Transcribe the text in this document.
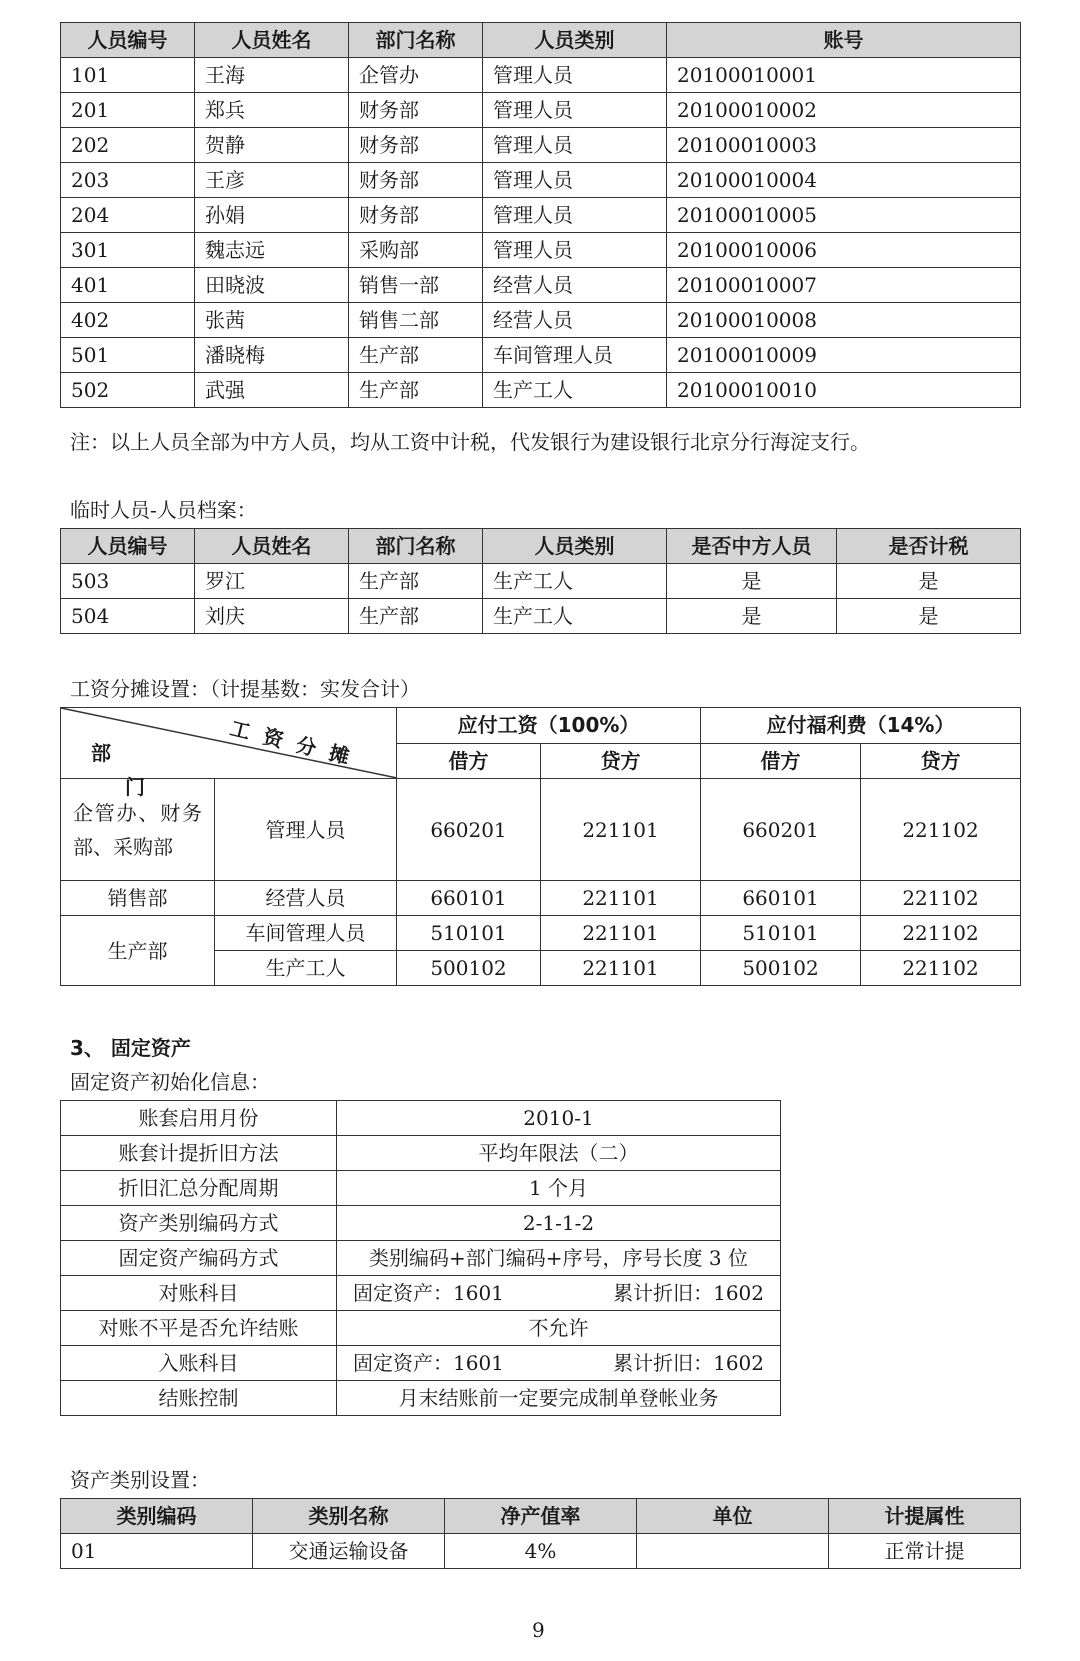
人员编号	人员姓名	部门名称	人员类别	账号
101	王海	企管办	管理人员	20100010001
201	郑兵	财务部	管理人员	20100010002
202	贺静	财务部	管理人员	20100010003
203	王彦	财务部	管理人员	20100010004
204	孙娟	财务部	管理人员	20100010005
301	魏志远	采购部	管理人员	20100010006
401	田晓波	销售一部	经营人员	20100010007
402	张茜	销售二部	经营人员	20100010008
501	潘晓梅	生产部	车间管理人员	20100010009
502	武强	生产部	生产工人	20100010010
注：以上人员全部为中方人员，均从工资中计税，代发银行为建设银行北京分行海淀支行。
临时人员-人员档案：
人员编号	人员姓名	部门名称	人员类别	是否中方人员	是否计税
503	罗江	生产部	生产工人	是	是
504	刘庆	生产部	生产工人	是	是
工资分摊设置：（计提基数：实发合计）
工资分摊
部
门		应付工资（100%）		应付福利费（14%）	
		借方	贷方	借方	贷方
企管办、财务部、采购部	管理人员	660201	221101	660201	221102
销售部	经营人员	660101	221101	660101	221102
生产部	车间管理人员	510101	221101	510101	221102
	生产工人	500102	221101	500102	221102
3、 固定资产
固定资产初始化信息：
账套启用月份	2010-1
账套计提折旧方法	平均年限法（二）
折旧汇总分配周期	1 个月
资产类别编码方式	2-1-1-2
固定资产编码方式	类别编码+部门编码+序号，序号长度 3 位
对账科目	固定资产：1601 累计折旧：1602

对账不平是否允许结账	不允许
入账科目	固定资产：1601 累计折旧：1602

结账控制	月末结账前一定要完成制单登帐业务
资产类别设置：
类别编码	类别名称	净产值率	单位	计提属性
01	交通运输设备	4%		正常计提
9
